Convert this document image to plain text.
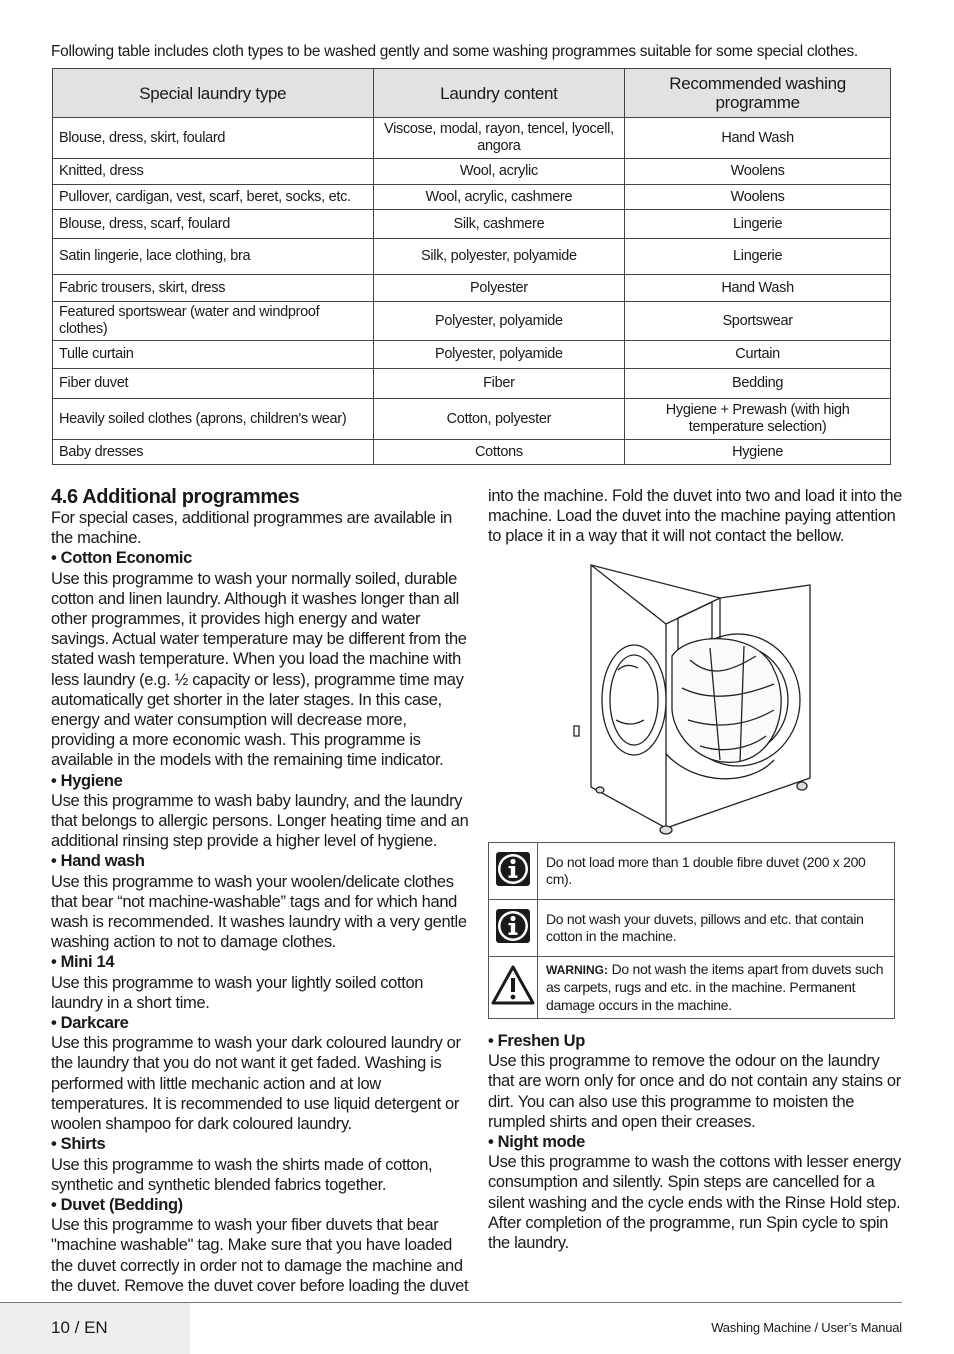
Following table includes cloth types to be washed gently and some washing programmes suitable for some special clothes.
Special laundry type	Laundry content	Recommended washing programme
Blouse, dress, skirt, foulard	Viscose, modal, rayon, tencel, lyocell, angora	Hand Wash
Knitted, dress	Wool, acrylic	Woolens
Pullover, cardigan, vest, scarf, beret, socks, etc.	Wool, acrylic, cashmere	Woolens
Blouse, dress, scarf, foulard	Silk, cashmere	Lingerie
Satin lingerie, lace clothing, bra	Silk, polyester, polyamide	Lingerie
Fabric trousers, skirt, dress	Polyester	Hand Wash
Featured sportswear (water and windproof clothes)	Polyester, polyamide	Sportswear
Tulle curtain	Polyester, polyamide	Curtain
Fiber duvet	Fiber	Bedding
Heavily soiled clothes (aprons, children's wear)	Cotton, polyester	Hygiene + Prewash (with high temperature selection)
Baby dresses	Cottons	Hygiene

4.6 Additional programmes

For special cases, additional programmes are available in the machine.

• Cotton Economic

Use this programme to wash your normally soiled, durable cotton and linen laundry. Although it washes longer than all other programmes, it provides high energy and water savings. Actual water temperature may be different from the stated wash temperature. When you load the machine with less laundry (e.g. ½ capacity or less), programme time may automatically get shorter in the later stages. In this case, energy and water consumption will decrease more, providing a more economic wash. This programme is available in the models with the remaining time indicator.

• Hygiene

Use this programme to wash baby laundry, and the laundry that belongs to allergic persons. Longer heating time and an additional rinsing step provide a higher level of hygiene.

• Hand wash

Use this programme to wash your woolen/delicate clothes that bear “not machine-washable” tags and for which hand wash is recommended. It washes laundry with a very gentle washing action to not to damage clothes.

• Mini 14

Use this programme to wash your lightly soiled cotton laundry in a short time.

• Darkcare

Use this programme to wash your dark coloured laundry or the laundry that you do not want it get faded. Washing is performed with little mechanic action and at low temperatures. It is recommended to use liquid detergent or woolen shampoo for dark coloured laundry.

• Shirts

Use this programme to wash the shirts made of cotton, synthetic and synthetic blended fabrics together.

• Duvet (Bedding)

Use this programme to wash your fiber duvets that bear "machine washable" tag. Make sure that you have loaded the duvet correctly in order not to damage the machine and the duvet. Remove the duvet cover before loading the duvet

into the machine. Fold the duvet into two and load it into the machine. Load the duvet into the machine paying attention to place it in a way that it will not contact the bellow.

	Do not load more than 1 double fibre duvet (200 x 200 cm).
	Do not wash your duvets, pillows and etc. that contain cotton in the machine.
	WARNING: Do not wash the items apart from duvets such as carpets, rugs and etc. in the machine. Permanent damage occurs in the machine.

• Freshen Up

Use this programme to remove the odour on the laundry that are worn only for once and do not contain any stains or dirt. You can also use this programme to moisten the rumpled shirts and open their creases.

• Night mode

Use this programme to wash the cottons with lesser energy consumption and silently. Spin steps are cancelled for a silent washing and the cycle ends with the Rinse Hold step. After completion of the programme, run Spin cycle to spin the laundry.

10 / EN	Washing Machine / User’s Manual
